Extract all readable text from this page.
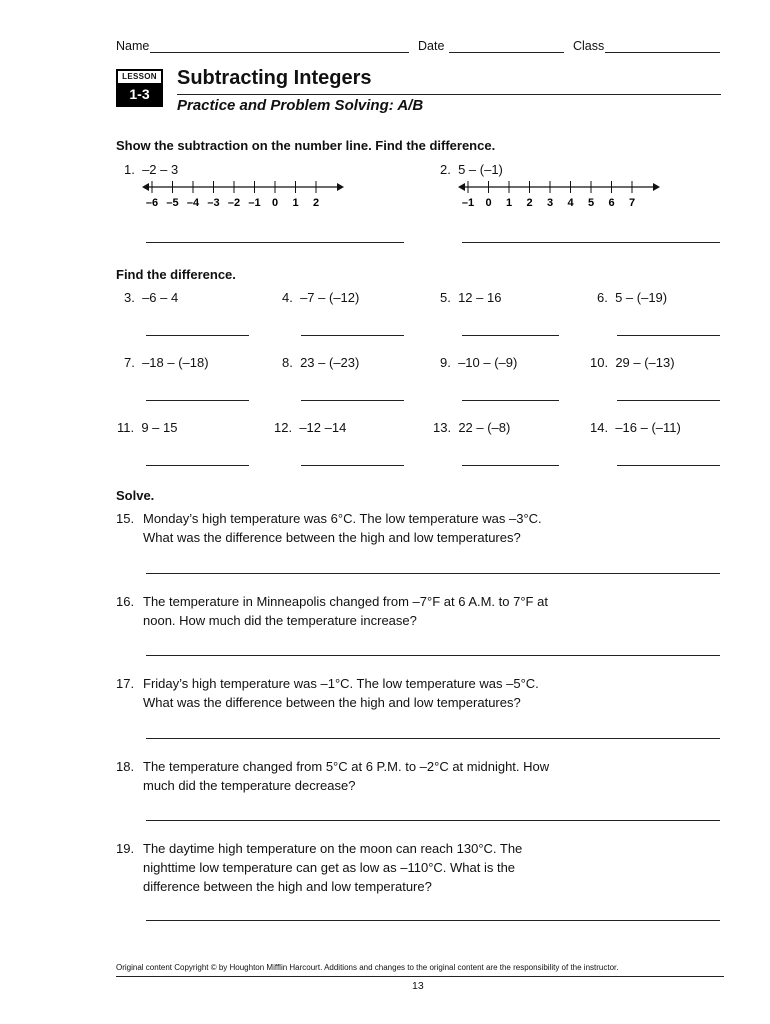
Name	Date	Class
LESSON
1-3
Subtracting Integers
Practice and Problem Solving: A/B
Show the subtraction on the number line. Find the difference.
1. –2 – 3
–6 –5 –4 –3 –2 –1 0 1 2
2. 5 – (–1)
–1 0 1 2 3 4 5 6 7
Find the difference.
3. –6 – 4	4. –7 – (–12)	5. 12 – 16	6. 5 – (–19)
7. –18 – (–18)	8. 23 – (–23)	9. –10 – (–9)	10. 29 – (–13)
11. 9 – 15	12. –12 –14	13. 22 – (–8)	14. –16 – (–11)
Solve.
15. Monday’s high temperature was 6°C. The low temperature was –3°C.
What was the difference between the high and low temperatures?
16. The temperature in Minneapolis changed from –7°F at 6 A.M. to 7°F at
noon. How much did the temperature increase?
17. Friday’s high temperature was –1°C. The low temperature was –5°C.
What was the difference between the high and low temperatures?
18. The temperature changed from 5°C at 6 P.M. to –2°C at midnight. How
much did the temperature decrease?
19. The daytime high temperature on the moon can reach 130°C. The
nighttime low temperature can get as low as –110°C. What is the
difference between the high and low temperature?
Original content Copyright © by Houghton Mifflin Harcourt. Additions and changes to the original content are the responsibility of the instructor.
13
